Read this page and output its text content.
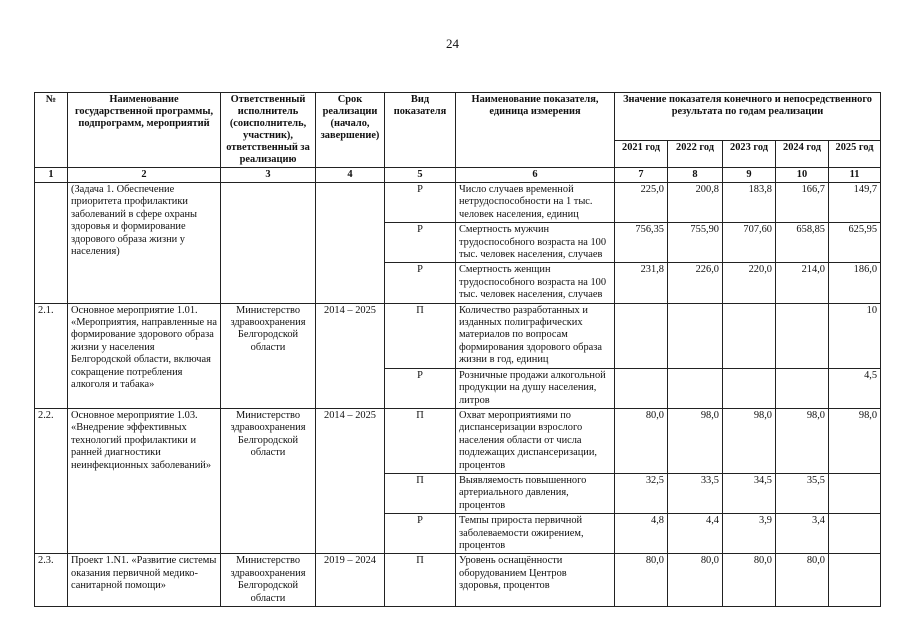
24
№	Наименование государственной программы, подпрограмм, мероприятий	Ответственный исполнитель (соисполнитель, участник), ответственный за реализацию	Срок реализации (начало, завершение)	Вид показателя	Наименование показателя, единица измерения	Значение показателя конечного и непосредственного результата по годам реализации				
						2021 год	2022 год	2023 год	2024 год	2025 год
1	2	3	4	5	6	7	8	9	10	11
	(Задача 1. Обеспечение приоритета профилактики заболеваний в сфере охраны здоровья и формирование здорового образа жизни у населения)			Р	Число случаев временной нетрудоспособности на 1 тыс. человек населения, единиц	225,0	200,8	183,8	166,7	149,7
				Р	Смертность мужчин трудоспособного возраста на 100 тыс. человек населения, случаев	756,35	755,90	707,60	658,85	625,95
				Р	Смертность женщин трудоспособного возраста на 100 тыс. человек населения, случаев	231,8	226,0	220,0	214,0	186,0
2.1.	Основное мероприятие 1.01. «Мероприятия, направленные на формирование здорового образа жизни у населения Белгородской области, включая сокращение потребления алкоголя и табака»	Министерство здравоохранения Белгородской области	2014 – 2025	П	Количество разработанных и изданных полиграфических материалов по вопросам формирования здорового образа жизни в год, единиц					10
				Р	Розничные продажи алкогольной продукции на душу населения, литров					4,5
2.2.	Основное мероприятие 1.03. «Внедрение эффективных технологий профилактики и ранней диагностики неинфекционных заболеваний»	Министерство здравоохранения Белгородской области	2014 – 2025	П	Охват мероприятиями по диспансеризации взрослого населения области от числа подлежащих диспансеризации, процентов	80,0	98,0	98,0	98,0	98,0
				П	Выявляемость повышенного артериального давления, процентов	32,5	33,5	34,5	35,5	
				Р	Темпы прироста первичной заболеваемости ожирением, процентов	4,8	4,4	3,9	3,4	
2.3.	Проект 1.N1. «Развитие системы оказания первичной медико-санитарной помощи»	Министерство здравоохранения Белгородской области	2019 – 2024	П	Уровень оснащённости оборудованием Центров здоровья, процентов	80,0	80,0	80,0	80,0	
